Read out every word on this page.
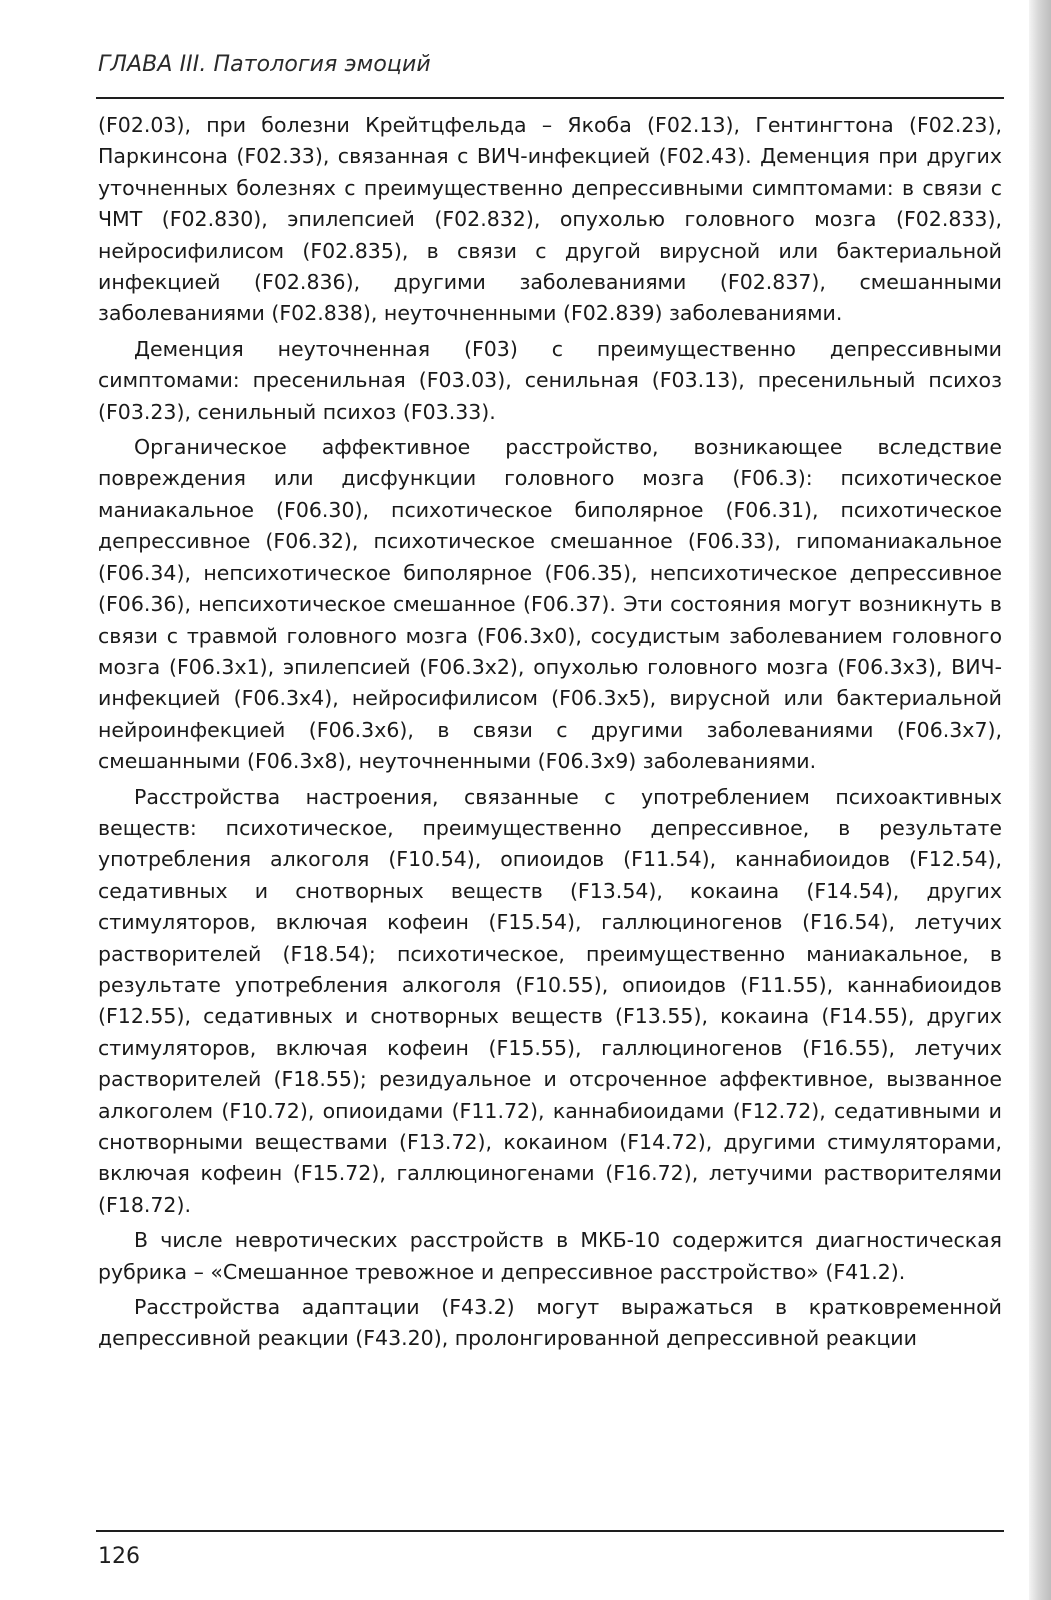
ГЛАВА III. Патология эмоций

(F02.03), при болезни Крейтцфельда – Якоба (F02.13), Гентингтона (F02.23), Паркинсона (F02.33), связанная с ВИЧ-инфекцией (F02.43). Деменция при других уточненных болезнях с преимущественно депрессивными симптомами: в связи с ЧМТ (F02.830), эпилепсией (F02.832), опухолью головного мозга (F02.833), нейросифилисом (F02.835), в связи с другой вирусной или бактериальной инфекцией (F02.836), другими заболеваниями (F02.837), смешанными заболеваниями (F02.838), неуточненными (F02.839) заболеваниями.

Деменция неуточненная (F03) с преимущественно депрессивными симптомами: пресенильная (F03.03), сенильная (F03.13), пресенильный психоз (F03.23), сенильный психоз (F03.33).

Органическое аффективное расстройство, возникающее вследствие повреждения или дисфункции головного мозга (F06.3): психотическое маниакальное (F06.30), психотическое биполярное (F06.31), психотическое депрессивное (F06.32), психотическое смешанное (F06.33), гипоманиакальное (F06.34), непсихотическое биполярное (F06.35), непсихотическое депрессивное (F06.36), непсихотическое смешанное (F06.37). Эти состояния могут возникнуть в связи с травмой головного мозга (F06.3x0), сосудистым заболеванием головного мозга (F06.3x1), эпилепсией (F06.3x2), опухолью головного мозга (F06.3x3), ВИЧ-инфекцией (F06.3x4), нейросифилисом (F06.3x5), вирусной или бактериальной нейроинфекцией (F06.3x6), в связи с другими заболеваниями (F06.3x7), смешанными (F06.3x8), неуточненными (F06.3x9) заболеваниями.

Расстройства настроения, связанные с употреблением психоактивных веществ: психотическое, преимущественно депрессивное, в результате употребления алкоголя (F10.54), опиоидов (F11.54), каннабиоидов (F12.54), седативных и снотворных веществ (F13.54), кокаина (F14.54), других стимуляторов, включая кофеин (F15.54), галлюциногенов (F16.54), летучих растворителей (F18.54); психотическое, преимущественно маниакальное, в результате употребления алкоголя (F10.55), опиоидов (F11.55), каннабиоидов (F12.55), седативных и снотворных веществ (F13.55), кокаина (F14.55), других стимуляторов, включая кофеин (F15.55), галлюциногенов (F16.55), летучих растворителей (F18.55); резидуальное и отсроченное аффективное, вызванное алкоголем (F10.72), опиоидами (F11.72), каннабиоидами (F12.72), седативными и снотворными веществами (F13.72), кокаином (F14.72), другими стимуляторами, включая кофеин (F15.72), галлюциногенами (F16.72), летучими растворителями (F18.72).

В числе невротических расстройств в МКБ-10 содержится диагностическая рубрика – «Смешанное тревожное и депрессивное расстройство» (F41.2).

Расстройства адаптации (F43.2) могут выражаться в кратковременной депрессивной реакции (F43.20), пролонгированной депрессивной реакции

126
